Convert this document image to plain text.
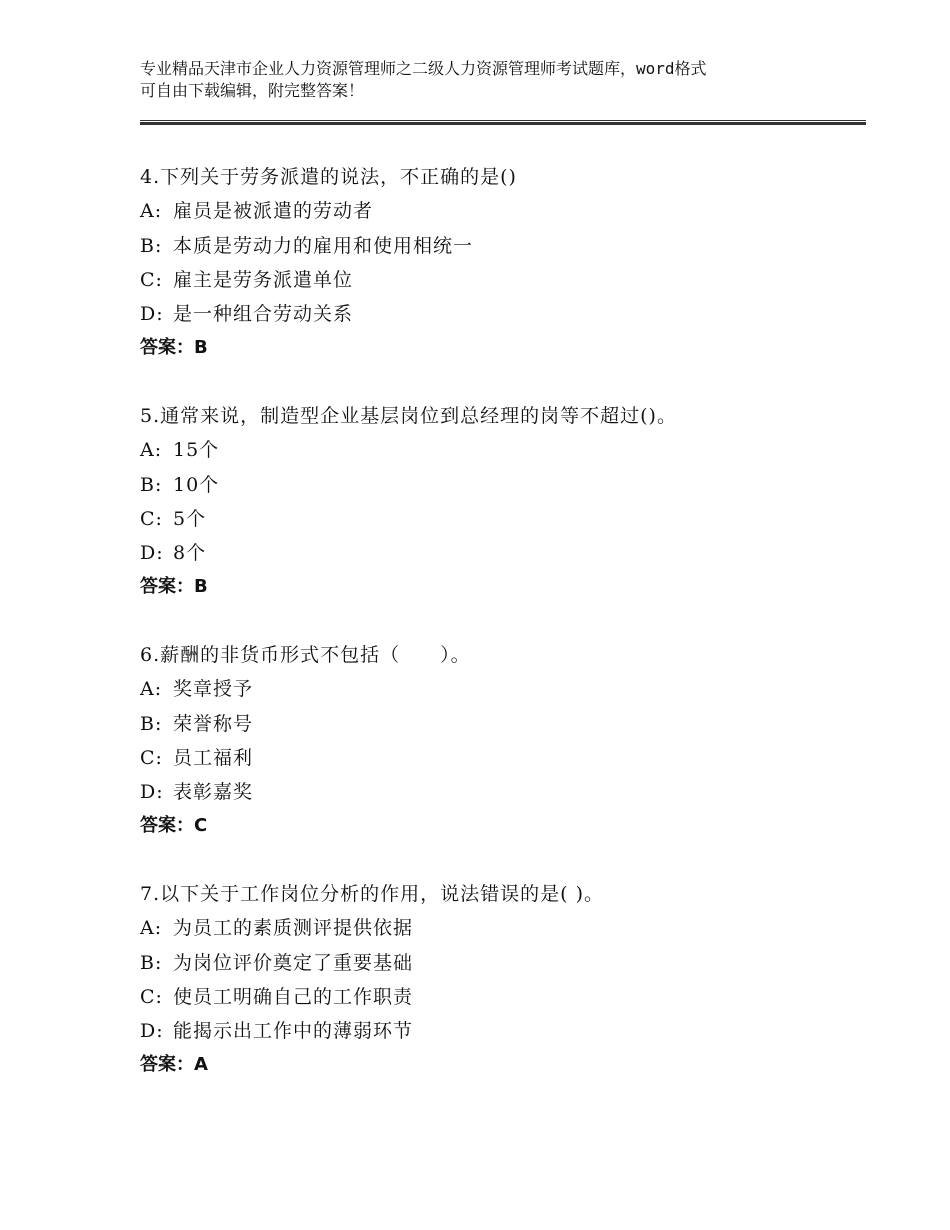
专业精品天津市企业人力资源管理师之二级人力资源管理师考试题库，word格式
可自由下载编辑，附完整答案！
4.下列关于劳务派遣的说法，不正确的是()
A: 雇员是被派遣的劳动者
B: 本质是劳动力的雇用和使用相统一
C: 雇主是劳务派遣单位
D: 是一种组合劳动关系
答案：B
5.通常来说，制造型企业基层岗位到总经理的岗等不超过()。
A: 15个
B: 10个
C: 5个
D: 8个
答案：B
6.薪酬的非货币形式不包括（　　）。
A: 奖章授予
B: 荣誉称号
C: 员工福利
D: 表彰嘉奖
答案：C
7.以下关于工作岗位分析的作用，说法错误的是( )。
A: 为员工的素质测评提供依据
B: 为岗位评价奠定了重要基础
C: 使员工明确自己的工作职责
D: 能揭示出工作中的薄弱环节
答案：A
